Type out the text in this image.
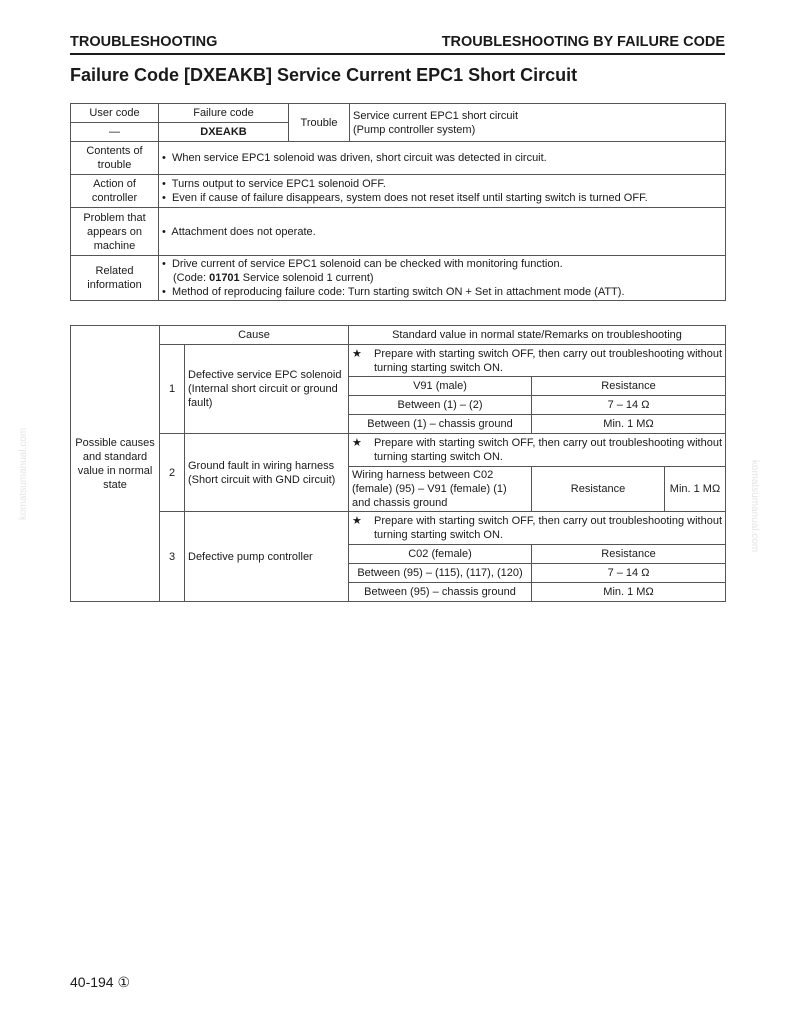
TROUBLESHOOTING	TROUBLESHOOTING BY FAILURE CODE
Failure Code [DXEAKB] Service Current EPC1 Short Circuit
User code	Failure code	Trouble	Service current EPC1 short circuit
(Pump controller system)

—	DXEAKB		
Contents of trouble	•  When service EPC1 solenoid was driven, short circuit was detected in circuit.		

Action of controller	•  Turns output to service EPC1 solenoid OFF.
•  Even if cause of failure disappears, system does not reset itself until starting switch is turned OFF.		

Problem that appears on machine	•  Attachment does not operate.		

Related information	•  Drive current of service EPC1 solenoid can be checked with monitoring function.
(Code: 01701 Service solenoid 1 current)
•  Method of reproducing failure code: Turn starting switch ON + Set in attachment mode (ATT).		
Possible causes and standard value in normal state	Cause		Standard value in normal state/Remarks on troubleshooting		
	1	Defective service EPC solenoid (Internal short circuit or ground fault)	★ Prepare with starting switch OFF, then carry out troubleshooting without turning starting switch ON.		

			V91 (male)	Resistance	
			Between (1) – (2)	7 – 14 Ω	
			Between (1) – chassis ground	Min. 1 MΩ	
	2	Ground fault in wiring harness (Short circuit with GND circuit)	★ Prepare with starting switch OFF, then carry out troubleshooting without turning starting switch ON.		

			Wiring harness between C02 (female) (95) – V91 (female) (1) and chassis ground	Resistance	Min. 1 MΩ
	3	Defective pump controller	★ Prepare with starting switch OFF, then carry out troubleshooting without turning starting switch ON.		

			C02 (female)	Resistance	
			Between (95) – (115), (117), (120)	7 – 14 Ω	
			Between (95) – chassis ground	Min. 1 MΩ	
komatsumanual.com	komatsumanual.com
40-194 ①
